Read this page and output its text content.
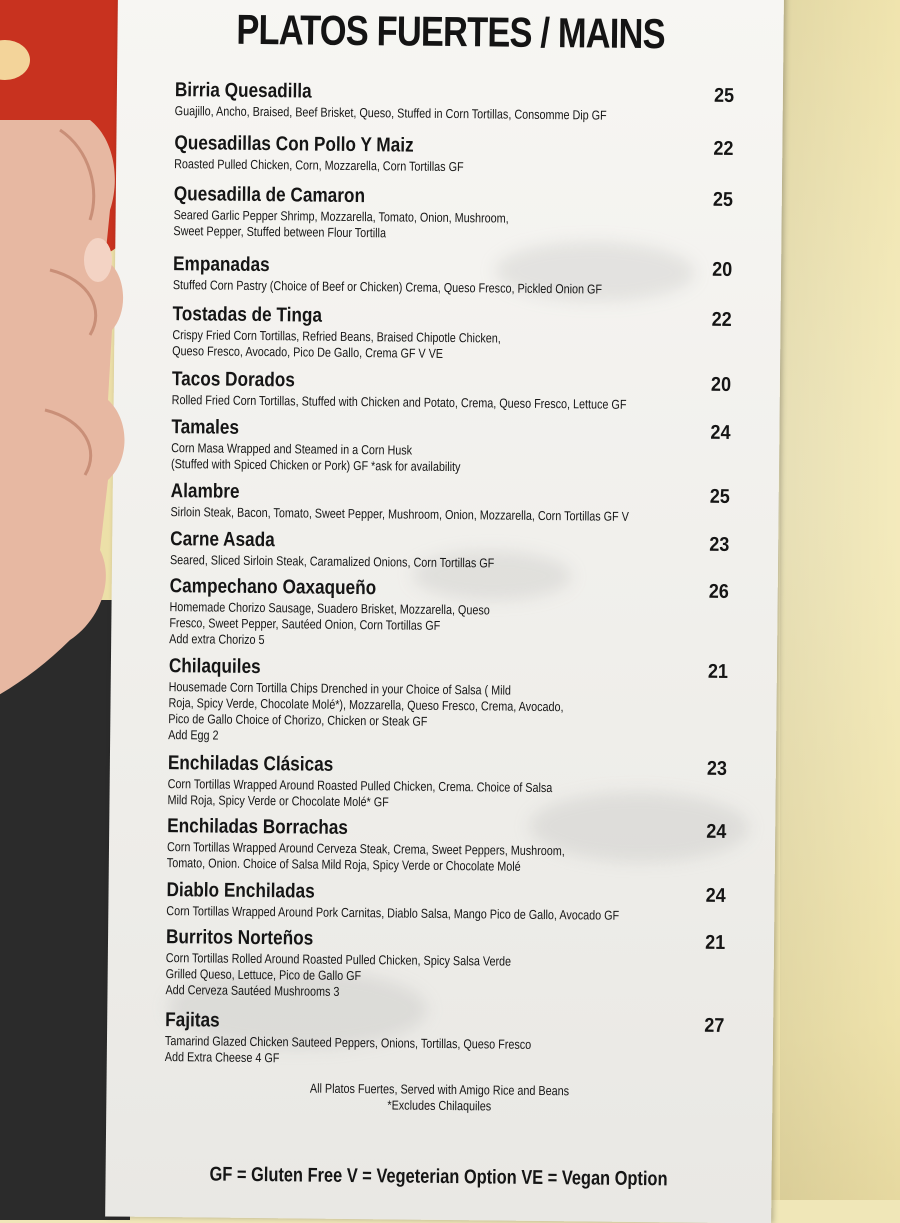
PLATOS FUERTES / MAINS
Birria Quesadilla	25
Guajillo, Ancho, Braised, Beef Brisket, Queso, Stuffed in Corn Tortillas, Consomme Dip GF
Quesadillas Con Pollo Y Maiz	22
Roasted Pulled Chicken, Corn, Mozzarella, Corn Tortillas GF
Quesadilla de Camaron	25
Seared Garlic Pepper Shrimp, Mozzarella, Tomato, Onion, Mushroom,
Sweet Pepper, Stuffed between Flour Tortilla
Empanadas	20
Stuffed Corn Pastry (Choice of Beef or Chicken) Crema, Queso Fresco, Pickled Onion GF
Tostadas de Tinga	22
Crispy Fried Corn Tortillas, Refried Beans, Braised Chipotle Chicken,
Queso Fresco, Avocado, Pico De Gallo, Crema GF V VE
Tacos Dorados	20
Rolled Fried Corn Tortillas, Stuffed with Chicken and Potato, Crema, Queso Fresco, Lettuce GF
Tamales	24
Corn Masa Wrapped and Steamed in a Corn Husk
(Stuffed with Spiced Chicken or Pork) GF *ask for availability
Alambre	25
Sirloin Steak, Bacon, Tomato, Sweet Pepper, Mushroom, Onion, Mozzarella, Corn Tortillas GF V
Carne Asada	23
Seared, Sliced Sirloin Steak, Caramalized Onions, Corn Tortillas GF
Campechano Oaxaqueño	26
Homemade Chorizo Sausage, Suadero Brisket, Mozzarella, Queso
Fresco, Sweet Pepper, Sautéed Onion, Corn Tortillas GF
Add extra Chorizo 5
Chilaquiles	21
Housemade Corn Tortilla Chips Drenched in your Choice of Salsa ( Mild
Roja, Spicy Verde, Chocolate Molé*), Mozzarella, Queso Fresco, Crema, Avocado,
Pico de Gallo Choice of Chorizo, Chicken or Steak GF
Add Egg 2
Enchiladas Clásicas	23
Corn Tortillas Wrapped Around Roasted Pulled Chicken, Crema. Choice of Salsa
Mild Roja, Spicy Verde or Chocolate Molé* GF
Enchiladas Borrachas	24
Corn Tortillas Wrapped Around Cerveza Steak, Crema, Sweet Peppers, Mushroom,
Tomato, Onion. Choice of Salsa Mild Roja, Spicy Verde or Chocolate Molé
Diablo Enchiladas	24
Corn Tortillas Wrapped Around Pork Carnitas, Diablo Salsa, Mango Pico de Gallo, Avocado GF
Burritos Norteños	21
Corn Tortillas Rolled Around Roasted Pulled Chicken, Spicy Salsa Verde
Grilled Queso, Lettuce, Pico de Gallo GF
Add Cerveza Sautéed Mushrooms 3
Fajitas	27
Tamarind Glazed Chicken Sauteed Peppers, Onions, Tortillas, Queso Fresco
Add Extra Cheese 4 GF
All Platos Fuertes, Served with Amigo Rice and Beans
*Excludes Chilaquiles
GF = Gluten Free V = Vegeterian Option VE = Vegan Option
